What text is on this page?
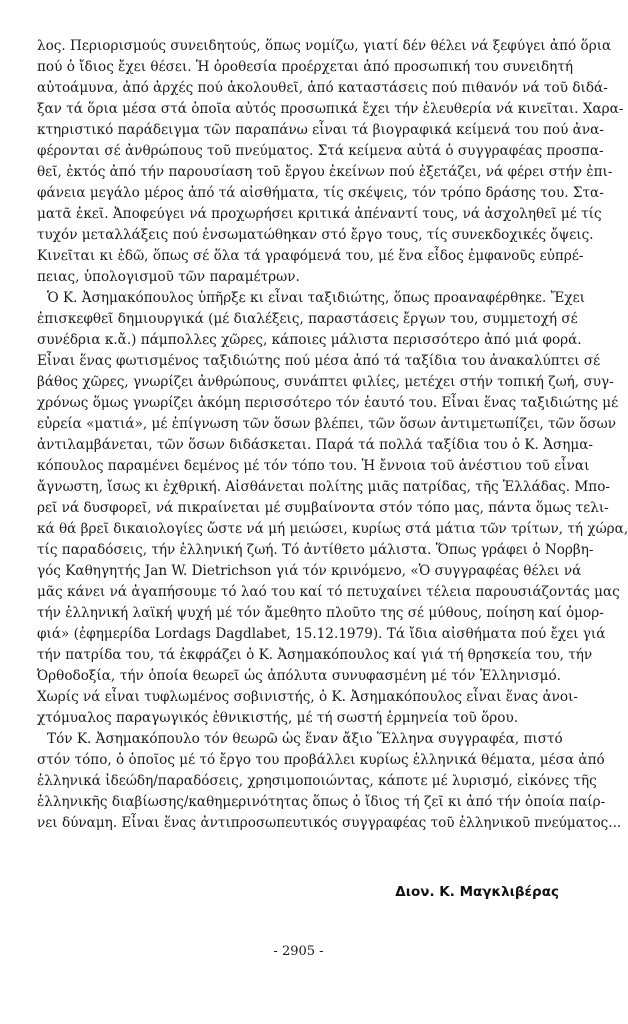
λος. Περιορισμούς συνειδητούς, ὅπως νομίζω, γιατί δέν θέλει νά ξεφύγει ἀπό ὅρια
πού ὁ ἴδιος ἔχει θέσει. Ἡ ὁροθεσία προέρχεται ἀπό προσωπική του συνειδητή
αὐτοάμυνα, ἀπό ἀρχές πού ἀκολουθεῖ, ἀπό καταστάσεις πού πιθανόν νά τοῦ διδά-
ξαν τά ὅρια μέσα στά ὁποῖα αὐτός προσωπικά ἔχει τήν ἐλευθερία νά κινεῖται. Χαρα-
κτηριστικό παράδειγμα τῶν παραπάνω εἶναι τά βιογραφικά κείμενά του πού ἀνα-
φέρονται σέ ἀνθρώπους τοῦ πνεύματος. Στά κείμενα αὐτά ὁ συγγραφέας προσπα-
θεῖ, ἐκτός ἀπό τήν παρουσίαση τοῦ ἔργου ἐκείνων πού ἐξετάζει, νά φέρει στήν ἐπι-
φάνεια μεγάλο μέρος ἀπό τά αἰσθήματα, τίς σκέψεις, τόν τρόπο δράσης του. Στα-
ματᾶ ἐκεῖ. Ἀποφεύγει νά προχωρήσει κριτικά ἀπέναντί τους, νά ἀσχοληθεῖ μέ τίς
τυχόν μεταλλάξεις πού ἐνσωματώθηκαν στό ἔργο τους, τίς συνεκδοχικές ὄψεις.
Κινεῖται κι ἐδῶ, ὅπως σέ ὅλα τά γραφόμενά του, μέ ἕνα εἶδος ἐμφανοῦς εὐπρέ-
πειας, ὑπολογισμοῦ τῶν παραμέτρων.
Ὁ Κ. Ἀσημακόπουλος ὑπῆρξε κι εἶναι ταξιδιώτης, ὅπως προαναφέρθηκε. Ἔχει
ἐπισκεφθεῖ δημιουργικά (μέ διαλέξεις, παραστάσεις ἔργων του, συμμετοχή σέ
συνέδρια κ.ἄ.) πάμπολλες χῶρες, κάποιες μάλιστα περισσότερο ἀπό μιά φορά.
Εἶναι ἕνας φωτισμένος ταξιδιώτης πού μέσα ἀπό τά ταξίδια του ἀνακαλύπτει σέ
βάθος χῶρες, γνωρίζει ἀνθρώπους, συνάπτει φιλίες, μετέχει στήν τοπική ζωή, συγ-
χρόνως ὅμως γνωρίζει ἀκόμη περισσότερο τόν ἑαυτό του. Εἶναι ἕνας ταξιδιώτης μέ
εὐρεία «ματιά», μέ ἐπίγνωση τῶν ὅσων βλέπει, τῶν ὅσων ἀντιμετωπίζει, τῶν ὅσων
ἀντιλαμβάνεται, τῶν ὅσων διδάσκεται. Παρά τά πολλά ταξίδια του ὁ Κ. Ἀσημα-
κόπουλος παραμένει δεμένος μέ τόν τόπο του. Ἡ ἔννοια τοῦ ἀνέστιου τοῦ εἶναι
ἄγνωστη, ἴσως κι ἐχθρική. Αἰσθάνεται πολίτης μιᾶς πατρίδας, τῆς Ἑλλάδας. Μπο-
ρεῖ νά δυσφορεῖ, νά πικραίνεται μέ συμβαίνοντα στόν τόπο μας, πάντα ὅμως τελι-
κά θά βρεῖ δικαιολογίες ὥστε νά μή μειώσει, κυρίως στά μάτια τῶν τρίτων, τή χώρα,
τίς παραδόσεις, τήν ἑλληνική ζωή. Τό ἀντίθετο μάλιστα. Ὅπως γράφει ὁ Νορβη-
γός Καθηγητής Jan W. Dietrichson γιά τόν κρινόμενο, «Ὁ συγγραφέας θέλει νά
μᾶς κάνει νά ἀγαπήσουμε τό λαό του καί τό πετυχαίνει τέλεια παρουσιάζοντάς μας
τήν ἑλληνική λαϊκή ψυχή μέ τόν ἄμεθητο πλοῦτο της σέ μύθους, ποίηση καί ὀμορ-
φιά» (ἐφημερίδα Lordags Dagdlabet, 15.12.1979). Τά ἴδια αἰσθήματα πού ἔχει γιά
τήν πατρίδα του, τά ἐκφράζει ὁ Κ. Ἀσημακόπουλος καί γιά τή θρησκεία του, τήν
Ὀρθοδοξία, τήν ὁποία θεωρεῖ ὡς ἀπόλυτα συνυφασμένη μέ τόν Ἑλληνισμό.
Χωρίς νά εἶναι τυφλωμένος σοβινιστής, ὁ Κ. Ἀσημακόπουλος εἶναι ἕνας ἀνοι-
χτόμυαλος παραγωγικός ἐθνικιστής, μέ τή σωστή ἑρμηνεία τοῦ ὅρου.
Τόν Κ. Ἀσημακόπουλο τόν θεωρῶ ὡς ἕναν ἄξιο Ἕλληνα συγγραφέα, πιστό
στόν τόπο, ὁ ὁποῖος μέ τό ἔργο του προβάλλει κυρίως ἑλληνικά θέματα, μέσα ἀπό
ἑλληνικά ἰδεώδη/παραδόσεις, χρησιμοποιώντας, κάποτε μέ λυρισμό, εἰκόνες τῆς
ἑλληνικῆς διαβίωσης/καθημερινότητας ὅπως ὁ ἴδιος τή ζεῖ κι ἀπό τήν ὁποία παίρ-
νει δύναμη. Εἶναι ἕνας ἀντιπροσωπευτικός συγγραφέας τοῦ ἑλληνικοῦ πνεύματος...
Διον. Κ. Μαγκλιβέρας
- 2905 -
